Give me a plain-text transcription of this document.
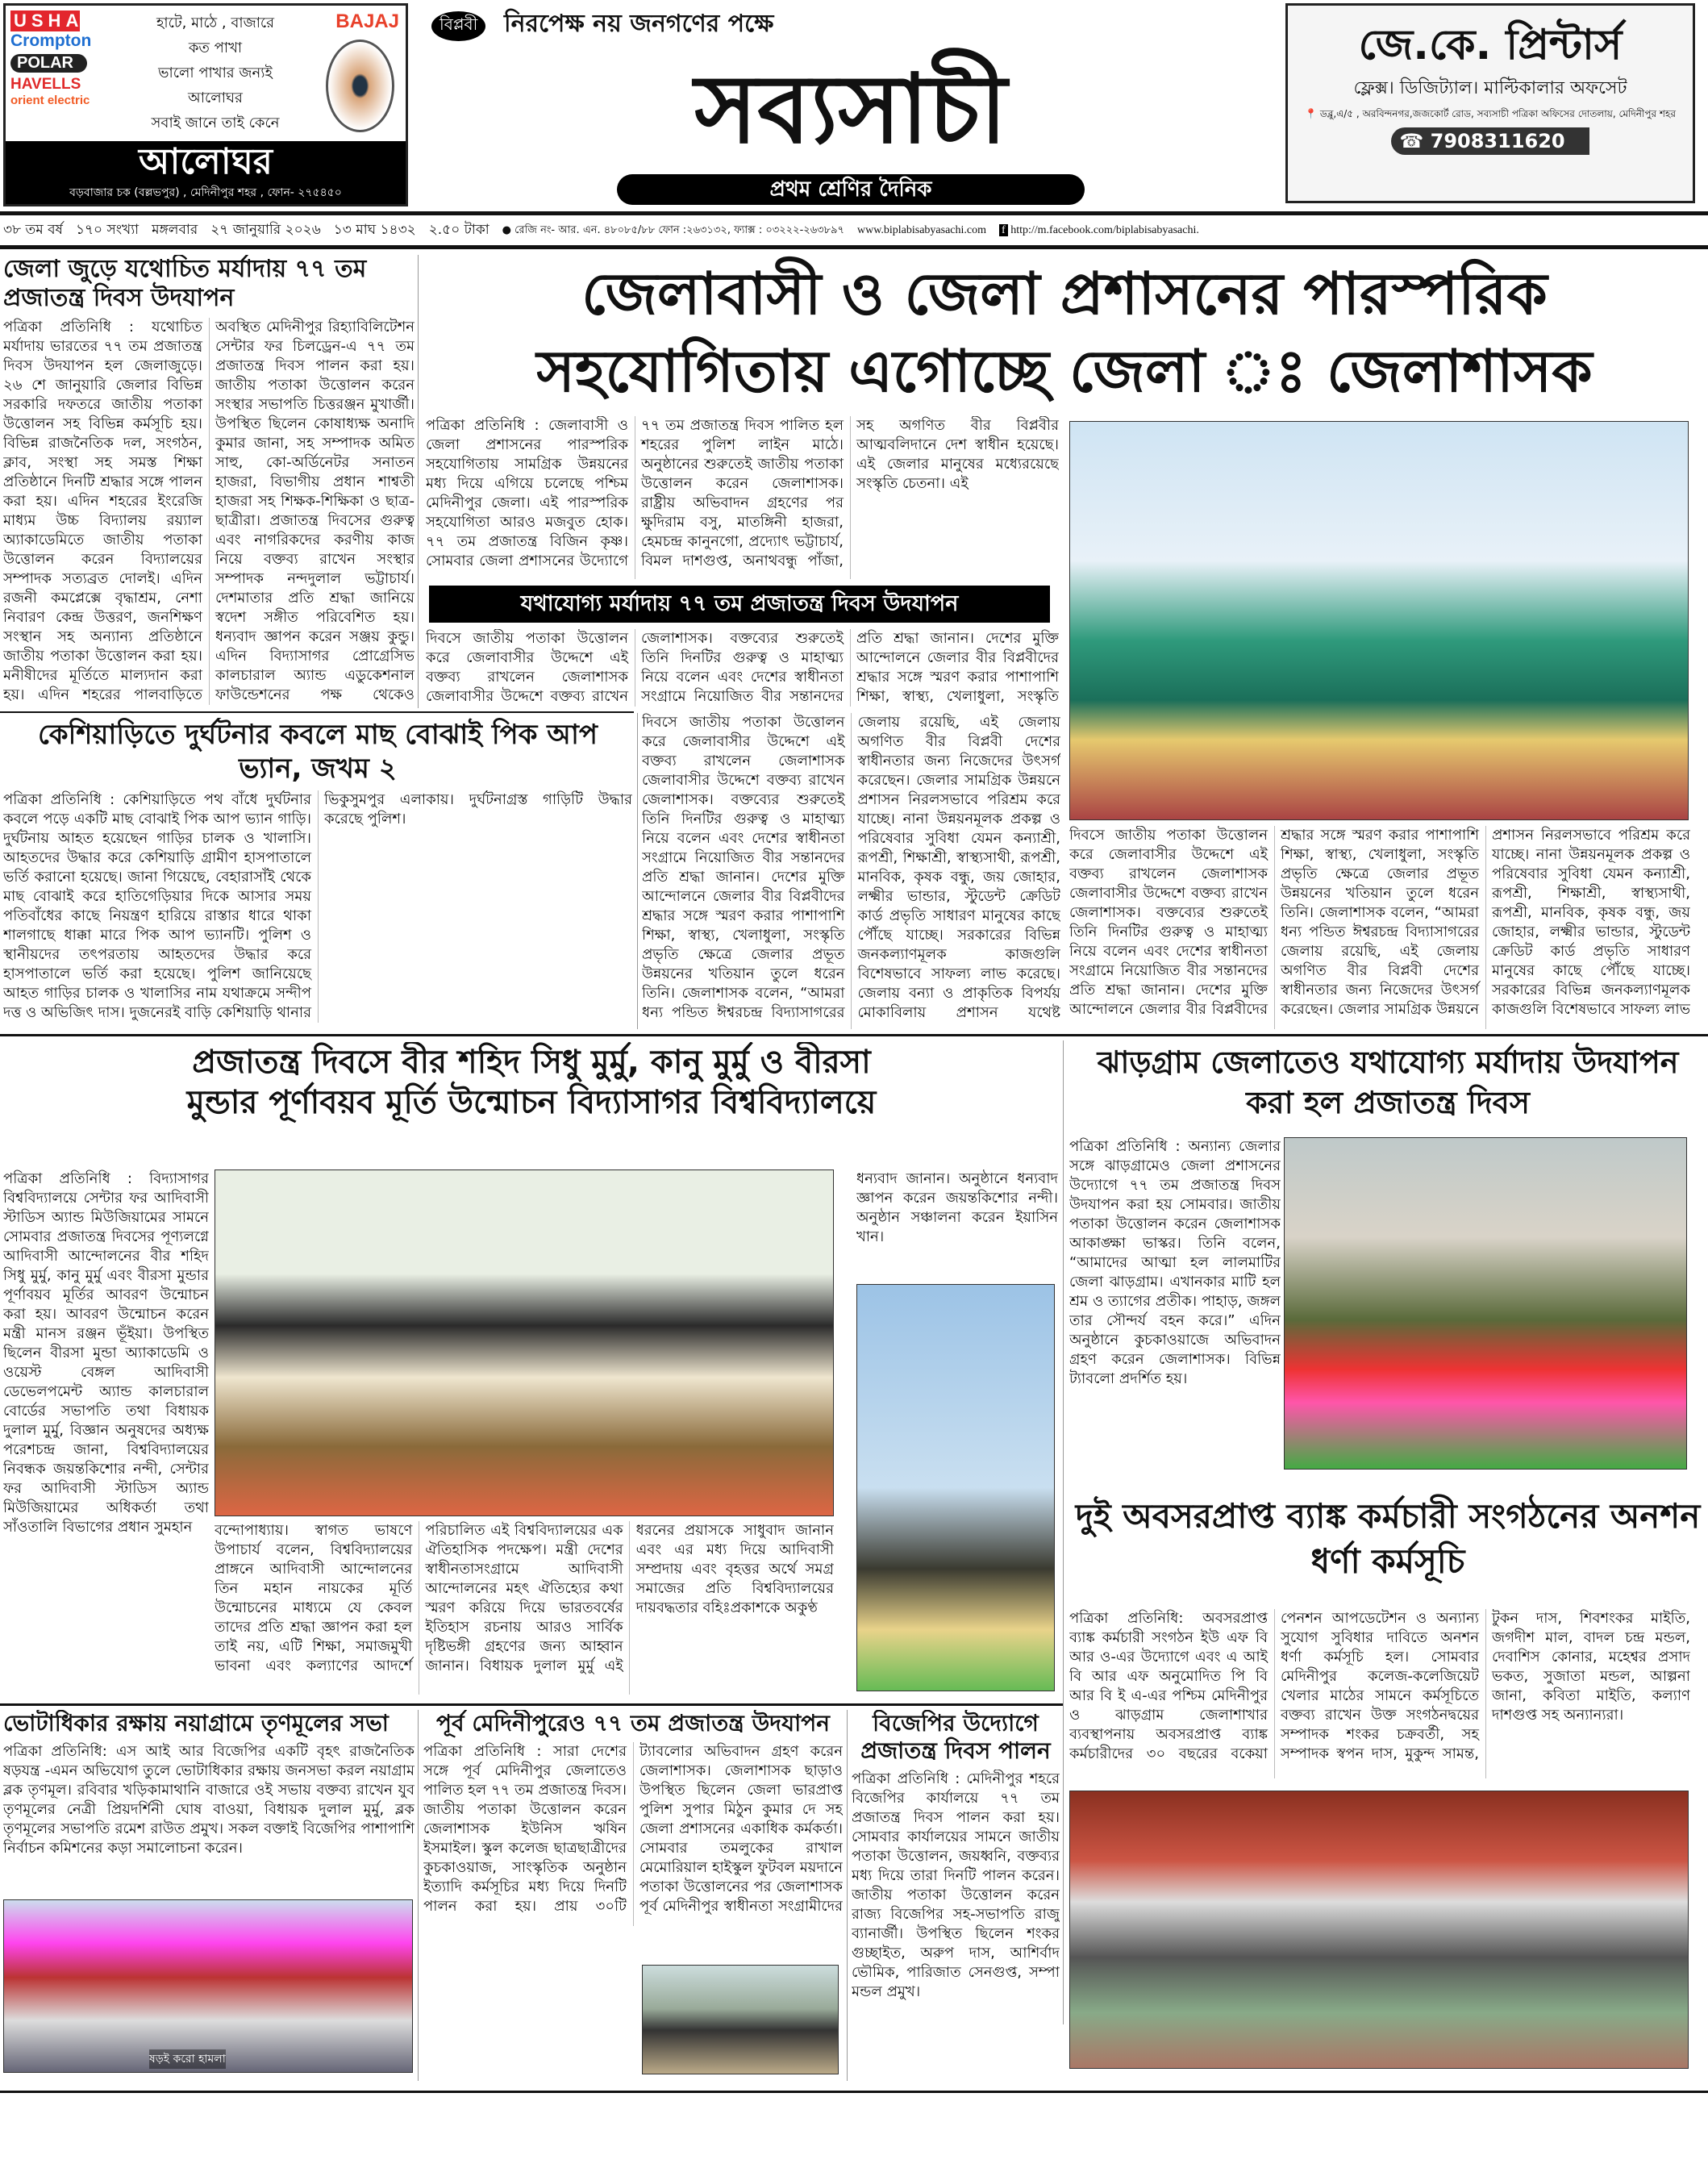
USHA
Crompton
POLAR
HAVELLS
orient electric
হাটে, মাঠে , বাজারে
কত পাখা
ভালো পাখার জন্যই
আলোঘর
সবাই জানে তাই কেনে
BAJAJ
আলোঘর
বড়বাজার চক (বল্লভপুর) , মেদিনীপুর শহর , ফোন- ২৭৫৪৫০
বিপ্লবী	নিরপেক্ষ নয় জনগণের পক্ষে
সব্যসাচী
প্রথম শ্রেণির দৈনিক
জে.কে. প্রিন্টার্স
ফ্লেক্স। ডিজিট্যাল। মাল্টিকালার অফসেট
📍 ডব্লু,এ/৫ , অরবিন্দনগর,জজকোর্ট রোড, সব্যসাচী পত্রিকা অফিসের দোতলায়, মেদিনীপুর শহর
☎ 7908311620
৩৮ তম বর্ষ ১৭০ সংখ্যা মঙ্গলবার ২৭ জানুয়ারি ২০২৬ ১৩ মাঘ ১৪৩২ ২.৫০ টাকা ● রেজি নং- আর. এন. ৪৮০৮৫/৮৮ ফোন :২৬৩১৩২, ফ্যাক্স : ০৩২২২-২৬৩৮৯৭ www.biplabisabyasachi.com f http://m.facebook.com/biplabisabyasachi.
জেলা জুড়ে যথোচিত মর্যাদায় ৭৭ তম প্রজাতন্ত্র দিবস উদযাপন
পত্রিকা প্রতিনিধি : যথোচিত মর্যাদায় ভারতের ৭৭ তম প্রজাতন্ত্র দিবস উদযাপন হল জেলাজুড়ে। ২৬ শে জানুয়ারি জেলার বিভিন্ন সরকারি দফতরে জাতীয় পতাকা উত্তোলন সহ বিভিন্ন কর্মসূচি হয়। বিভিন্ন রাজনৈতিক দল, সংগঠন, ক্লাব, সংস্থা সহ সমস্ত শিক্ষা প্রতিষ্ঠানে দিনটি শ্রদ্ধার সঙ্গে পালন করা হয়। এদিন শহরের ইংরেজি মাধ্যম উচ্চ বিদ্যালয় রয়্যাল অ্যাকাডেমিতে জাতীয় পতাকা উত্তোলন করেন বিদ্যালয়ের সম্পাদক সত্যব্রত দোলই। এদিন রজনী কমপ্লেক্সে বৃদ্ধাশ্রম, নেশা নিবারণ কেন্দ্র উত্তরণ, জনশিক্ষণ সংস্থান সহ অন্যান্য প্রতিষ্ঠানে জাতীয় পতাকা উত্তোলন করা হয়। মনীষীদের মূর্তিতে মাল্যদান করা হয়। এদিন শহরের পালবাড়িতে অবস্থিত মেদিনীপুর রিহ্যাবিলিটেশন সেন্টার ফর চিলড্রেন-এ ৭৭ তম প্রজাতন্ত্র দিবস পালন করা হয়। জাতীয় পতাকা উত্তোলন করেন সংস্থার সভাপতি চিত্তরঞ্জন মুখার্জী। উপস্থিত ছিলেন কোষাধ্যক্ষ অনাদি কুমার জানা, সহ সম্পাদক অমিত সাহু, কো-অর্ডিনেটর সনাতন হাজরা, বিভাগীয় প্রধান শাশ্বতী হাজরা সহ শিক্ষক-শিক্ষিকা ও ছাত্র-ছাত্রীরা। প্রজাতন্ত্র দিবসের গুরুত্ব এবং নাগরিকদের করণীয় কাজ নিয়ে বক্তব্য রাখেন সংস্থার সম্পাদক নন্দদুলাল ভট্টাচার্য। দেশমাতার প্রতি শ্রদ্ধা জানিয়ে স্বদেশ সঙ্গীত পরিবেশিত হয়। ধন্যবাদ জ্ঞাপন করেন সঞ্জয় কুন্ডু। এদিন বিদ্যাসাগর প্রোগ্রেসিভ কালচারাল অ্যান্ড এডুকেশনাল ফাউন্ডেশনের পক্ষ থেকেও
জেলাবাসী ও জেলা প্রশাসনের পারস্পরিক
সহযোগিতায় এগোচ্ছে জেলা ঃ জেলাশাসক
পত্রিকা প্রতিনিধি : জেলাবাসী ও জেলা প্রশাসনের পারস্পরিক সহযোগিতায় সামগ্রিক উন্নয়নের মধ্য দিয়ে এগিয়ে চলেছে পশ্চিম মেদিনীপুর জেলা। এই পারস্পরিক সহযোগিতা আরও মজবুত হোক। ৭৭ তম প্রজাতন্ত্র বিজিন কৃষ্ণ। সোমবার জেলা প্রশাসনের উদ্যোগে ৭৭ তম প্রজাতন্ত্র দিবস পালিত হল শহরের পুলিশ লাইন মাঠে। অনুষ্ঠানের শুরুতেই জাতীয় পতাকা উত্তোলন করেন জেলাশাসক। রাষ্ট্রীয় অভিবাদন গ্রহণের পর ক্ষুদিরাম বসু, মাতঙ্গিনী হাজরা, হেমচন্দ্র কানুনগো, প্রদ্যোৎ ভট্টাচার্য, বিমল দাশগুপ্ত, অনাথবন্ধু পাঁজা, সহ অগণিত বীর বিপ্লবীর আত্মবলিদানে দেশ স্বাধীন হয়েছে। এই জেলার মানুষের মধ্যেরয়েছে সংস্কৃতি চেতনা। এই
যথাযোগ্য মর্যাদায় ৭৭ তম প্রজাতন্ত্র দিবস উদযাপন
দিবসে জাতীয় পতাকা উত্তোলন করে জেলাবাসীর উদ্দেশে এই বক্তব্য রাখলেন জেলাশাসক জেলাবাসীর উদ্দেশে বক্তব্য রাখেন জেলাশাসক। বক্তব্যের শুরুতেই তিনি দিনটির গুরুত্ব ও মাহাত্ম্য নিয়ে বলেন এবং দেশের স্বাধীনতা সংগ্রামে নিয়োজিত বীর সন্তানদের প্রতি শ্রদ্ধা জানান। দেশের মুক্তি আন্দোলনে জেলার বীর বিপ্লবীদের শ্রদ্ধার সঙ্গে স্মরণ করার পাশাপাশি শিক্ষা, স্বাস্থ্য, খেলাধুলা, সংস্কৃতি
দিবসে জাতীয় পতাকা উত্তোলন করে জেলাবাসীর উদ্দেশে এই বক্তব্য রাখলেন জেলাশাসক জেলাবাসীর উদ্দেশে বক্তব্য রাখেন জেলাশাসক। বক্তব্যের শুরুতেই তিনি দিনটির গুরুত্ব ও মাহাত্ম্য নিয়ে বলেন এবং দেশের স্বাধীনতা সংগ্রামে নিয়োজিত বীর সন্তানদের প্রতি শ্রদ্ধা জানান। দেশের মুক্তি আন্দোলনে জেলার বীর বিপ্লবীদের শ্রদ্ধার সঙ্গে স্মরণ করার পাশাপাশি শিক্ষা, স্বাস্থ্য, খেলাধুলা, সংস্কৃতি প্রভৃতি ক্ষেত্রে জেলার প্রভূত উন্নয়নের খতিয়ান তুলে ধরেন তিনি। জেলাশাসক বলেন, “আমরা ধন্য পন্ডিত ঈশ্বরচন্দ্র বিদ্যাসাগরের জেলায় রয়েছি, এই জেলায় অগণিত বীর বিপ্লবী দেশের স্বাধীনতার জন্য নিজেদের উৎসর্গ করেছেন। জেলার সামগ্রিক উন্নয়নে প্রশাসন নিরলসভাবে পরিশ্রম করে যাচ্ছে। নানা উন্নয়নমূলক প্রকল্প ও পরিষেবার সুবিধা যেমন কন্যাশ্রী, রূপশ্রী, শিক্ষাশ্রী, স্বাস্থ্যসাথী, রূপশ্রী, মানবিক, কৃষক বন্ধু, জয় জোহার, লক্ষ্মীর ভান্ডার, স্টুডেন্ট ক্রেডিট কার্ড প্রভৃতি সাধারণ মানুষের কাছে পৌঁছে যাচ্ছে। সরকারের বিভিন্ন জনকল্যাণমূলক কাজগুলি বিশেষভাবে সাফল্য লাভ করেছে। জেলায় বন্যা ও প্রাকৃতিক বিপর্যয় মোকাবিলায় প্রশাসন যথেষ্ট
দিবসে জাতীয় পতাকা উত্তোলন করে জেলাবাসীর উদ্দেশে এই বক্তব্য রাখলেন জেলাশাসক জেলাবাসীর উদ্দেশে বক্তব্য রাখেন জেলাশাসক। বক্তব্যের শুরুতেই তিনি দিনটির গুরুত্ব ও মাহাত্ম্য নিয়ে বলেন এবং দেশের স্বাধীনতা সংগ্রামে নিয়োজিত বীর সন্তানদের প্রতি শ্রদ্ধা জানান। দেশের মুক্তি আন্দোলনে জেলার বীর বিপ্লবীদের শ্রদ্ধার সঙ্গে স্মরণ করার পাশাপাশি শিক্ষা, স্বাস্থ্য, খেলাধুলা, সংস্কৃতি প্রভৃতি ক্ষেত্রে জেলার প্রভূত উন্নয়নের খতিয়ান তুলে ধরেন তিনি। জেলাশাসক বলেন, “আমরা ধন্য পন্ডিত ঈশ্বরচন্দ্র বিদ্যাসাগরের জেলায় রয়েছি, এই জেলায় অগণিত বীর বিপ্লবী দেশের স্বাধীনতার জন্য নিজেদের উৎসর্গ করেছেন। জেলার সামগ্রিক উন্নয়নে প্রশাসন নিরলসভাবে পরিশ্রম করে যাচ্ছে। নানা উন্নয়নমূলক প্রকল্প ও পরিষেবার সুবিধা যেমন কন্যাশ্রী, রূপশ্রী, শিক্ষাশ্রী, স্বাস্থ্যসাথী, রূপশ্রী, মানবিক, কৃষক বন্ধু, জয় জোহার, লক্ষ্মীর ভান্ডার, স্টুডেন্ট ক্রেডিট কার্ড প্রভৃতি সাধারণ মানুষের কাছে পৌঁছে যাচ্ছে। সরকারের বিভিন্ন জনকল্যাণমূলক কাজগুলি বিশেষভাবে সাফল্য লাভ
কেশিয়াড়িতে দুর্ঘটনার কবলে মাছ বোঝাই পিক আপ ভ্যান, জখম ২
পত্রিকা প্রতিনিধি : কেশিয়াড়িতে পথ বাঁধে দুর্ঘটনার কবলে পড়ে একটি মাছ বোঝাই পিক আপ ভ্যান গাড়ি। দুর্ঘটনায় আহত হয়েছেন গাড়ির চালক ও খালাসি। আহতদের উদ্ধার করে কেশিয়াড়ি গ্রামীণ হাসপাতালে ভর্তি করানো হয়েছে। জানা গিয়েছে, বেহারাসাঁই থেকে মাছ বোঝাই করে হাতিগেড়িয়ার দিকে আসার সময় পতিবাঁধের কাছে নিয়ন্ত্রণ হারিয়ে রাস্তার ধারে থাকা শালগাছে ধাক্কা মারে পিক আপ ভ্যানটি। পুলিশ ও স্থানীয়দের তৎপরতায় আহতদের উদ্ধার করে হাসপাতালে ভর্তি করা হয়েছে। পুলিশ জানিয়েছে আহত গাড়ির চালক ও খালাসির নাম যথাক্রমে সন্দীপ দত্ত ও অভিজিৎ দাস। দুজনেরই বাড়ি কেশিয়াড়ি থানার ভিকুসুমপুর এলাকায়। দুর্ঘটনাগ্রস্ত গাড়িটি উদ্ধার করেছে পুলিশ।
প্রজাতন্ত্র দিবসে বীর শহিদ সিধু মুর্মু, কানু মুর্মু ও বীরসা
মুন্ডার পূর্ণাবয়ব মূর্তি উন্মোচন বিদ্যাসাগর বিশ্ববিদ্যালয়ে
পত্রিকা প্রতিনিধি : বিদ্যাসাগর বিশ্ববিদ্যালয়ে সেন্টার ফর আদিবাসী স্টাডিস অ্যান্ড মিউজিয়ামের সামনে সোমবার প্রজাতন্ত্র দিবসের পূণ্যলগ্নে আদিবাসী আন্দোলনের বীর শহিদ সিধু মুর্মু, কানু মুর্মু এবং বীরসা মুন্ডার পূর্ণাবয়ব মূর্তির আবরণ উন্মোচন করা হয়। আবরণ উন্মোচন করেন মন্ত্রী মানস রঞ্জন ভূঁইয়া। উপস্থিত ছিলেন বীরসা মুন্ডা অ্যাকাডেমি ও ওয়েস্ট বেঙ্গল আদিবাসী ডেভেলপমেন্ট অ্যান্ড কালচারাল বোর্ডের সভাপতি তথা বিধায়ক দুলাল মুর্মু, বিজ্ঞান অনুষদের অধ্যক্ষ পরেশচন্দ্র জানা, বিশ্ববিদ্যালয়ের নিবন্ধক জয়ন্তকিশোর নন্দী, সেন্টার ফর আদিবাসী স্টাডিস অ্যান্ড মিউজিয়ামের অধিকর্তা তথা সাঁওতালি বিভাগের প্রধান সুমহান	বন্দোপাধ্যায়। স্বাগত ভাষণে উপাচার্য বলেন, বিশ্ববিদ্যালয়ের প্রাঙ্গনে আদিবাসী আন্দোলনের তিন মহান নায়কের মূর্তি উন্মোচনের মাধ্যমে যে কেবল তাদের প্রতি শ্রদ্ধা জ্ঞাপন করা হল তাই নয়, এটি শিক্ষা, সমাজমুখী ভাবনা এবং কল্যাণের আদর্শে পরিচালিত এই বিশ্ববিদ্যালয়ের এক ঐতিহাসিক পদক্ষেপ। মন্ত্রী দেশের স্বাধীনতাসংগ্রামে আদিবাসী আন্দোলনের মহৎ ঐতিহ্যের কথা স্মরণ করিয়ে দিয়ে ভারতবর্ষের ইতিহাস রচনায় আরও সার্বিক দৃষ্টিভঙ্গী গ্রহণের জন্য আহ্বান জানান। বিধায়ক দুলাল মুর্মু এই ধরনের প্রয়াসকে সাধুবাদ জানান এবং এর মধ্য দিয়ে আদিবাসী সম্প্রদায় এবং বৃহত্তর অর্থে সমগ্র সমাজের প্রতি বিশ্ববিদ্যালয়ের দায়বদ্ধতার বহিঃপ্রকাশকে অকুণ্ঠ
ধন্যবাদ জানান। অনুষ্ঠানে ধন্যবাদ জ্ঞাপন করেন জয়ন্তকিশোর নন্দী। অনুষ্ঠান সঞ্চালনা করেন ইয়াসিন খান।
ঝাড়গ্রাম জেলাতেও যথাযোগ্য মর্যাদায় উদযাপন করা হল প্রজাতন্ত্র দিবস
পত্রিকা প্রতিনিধি : অন্যান্য জেলার সঙ্গে ঝাড়গ্রামেও জেলা প্রশাসনের উদ্যোগে ৭৭ তম প্রজাতন্ত্র দিবস উদযাপন করা হয় সোমবার। জাতীয় পতাকা উত্তোলন করেন জেলাশাসক আকাঙ্ক্ষা ভাস্কর। তিনি বলেন, “আমাদের আত্মা হল লালমাটির জেলা ঝাড়গ্রাম। এখানকার মাটি হল শ্রম ও ত্যাগের প্রতীক। পাহাড়, জঙ্গল তার সৌন্দর্য বহন করে।” এদিন অনুষ্ঠানে কুচকাওয়াজে অভিবাদন গ্রহণ করেন জেলাশাসক। বিভিন্ন ট্যাবলো প্রদর্শিত হয়।
দুই অবসরপ্রাপ্ত ব্যাঙ্ক কর্মচারী সংগঠনের অনশন ধর্ণা কর্মসূচি
পত্রিকা প্রতিনিধি: অবসরপ্রাপ্ত ব্যাঙ্ক কর্মচারী সংগঠন ইউ এফ বি আর ও-এর উদ্যোগে এবং এ আই বি আর এফ অনুমোদিত পি বি আর বি ই এ-এর পশ্চিম মেদিনীপুর ও ঝাড়গ্রাম জেলাশাখার ব্যবস্থাপনায় অবসরপ্রাপ্ত ব্যাঙ্ক কর্মচারীদের ৩০ বছরের বকেয়া পেনশন আপডেটেশন ও অন্যান্য সুযোগ সুবিধার দাবিতে অনশন ধর্ণা কর্মসূচি হল। সোমবার মেদিনীপুর কলেজ-কলেজিয়েট খেলার মাঠের সামনে কর্মসূচিতে বক্তব্য রাখেন উক্ত সংগঠনদ্বয়ের সম্পাদক শংকর চক্রবর্তী, সহ সম্পাদক স্বপন দাস, মুকুন্দ সামন্ত, টুকন দাস, শিবশংকর মাইতি, জগদীশ মাল, বাদল চন্দ্র মন্ডল, দেবাশিস কোনার, মহেশ্বর প্রসাদ ভকত, সুজাতা মন্ডল, আল্পনা জানা, কবিতা মাইতি, কল্যাণ দাশগুপ্ত সহ অন্যান্যরা।
ভোটাধিকার রক্ষায় নয়াগ্রামে তৃণমূলের সভা
পত্রিকা প্রতিনিধি: এস আই আর বিজেপির একটি বৃহৎ রাজনৈতিক ষড়যন্ত্র -এমন অভিযোগ তুলে ভোটাধিকার রক্ষায় জনসভা করল নয়াগ্রাম ব্লক তৃণমূল। রবিবার খড়িকামাথানি বাজারে ওই সভায় বক্তব্য রাখেন যুব তৃণমূলের নেত্রী প্রিয়দর্শিনী ঘোষ বাওয়া, বিধায়ক দুলাল মুর্মু, ব্লক তৃণমূলের সভাপতি রমেশ রাউত প্রমুখ। সকল বক্তাই বিজেপির পাশাপাশি নির্বাচন কমিশনের কড়া সমালোচনা করেন।
ষড়ই করো হামলা
পূর্ব মেদিনীপুরেও ৭৭ তম প্রজাতন্ত্র উদযাপন
পত্রিকা প্রতিনিধি : সারা দেশের সঙ্গে পূর্ব মেদিনীপুর জেলাতেও পালিত হল ৭৭ তম প্রজাতন্ত্র দিবস। জাতীয় পতাকা উত্তোলন করেন জেলাশাসক ইউনিস ঋষিন ইসমাইল। স্কুল কলেজ ছাত্রছাত্রীদের কুচকাওয়াজ, সাংস্কৃতিক অনুষ্ঠান ইত্যাদি কর্মসূচির মধ্য দিয়ে দিনটি পালন করা হয়। প্রায় ৩০টি ট্যাবলোর অভিবাদন গ্রহণ করেন জেলাশাসক। জেলাশাসক ছাড়াও উপস্থিত ছিলেন জেলা ভারপ্রাপ্ত পুলিশ সুপার মিঠুন কুমার দে সহ জেলা প্রশাসনের একাধিক কর্মকর্তা। সোমবার তমলুকের রাখাল মেমোরিয়াল হাইস্কুল ফুটবল ময়দানে পতাকা উত্তোলনের পর জেলাশাসক পূর্ব মেদিনীপুর স্বাধীনতা সংগ্রামীদের
বিজেপির উদ্যোগে প্রজাতন্ত্র দিবস পালন
পত্রিকা প্রতিনিধি : মেদিনীপুর শহরে বিজেপির কার্যালয়ে ৭৭ তম প্রজাতন্ত্র দিবস পালন করা হয়। সোমবার কার্যালয়ের সামনে জাতীয় পতাকা উত্তোলন, জয়ধ্বনি, বক্তব্যর মধ্য দিয়ে তারা দিনটি পালন করেন। জাতীয় পতাকা উত্তোলন করেন রাজ্য বিজেপির সহ-সভাপতি রাজু ব্যানার্জী। উপস্থিত ছিলেন শংকর গুচ্ছাইত, অরুপ দাস, আশির্বাদ ভৌমিক, পারিজাত সেনগুপ্ত, সম্পা মন্ডল প্রমুখ।
